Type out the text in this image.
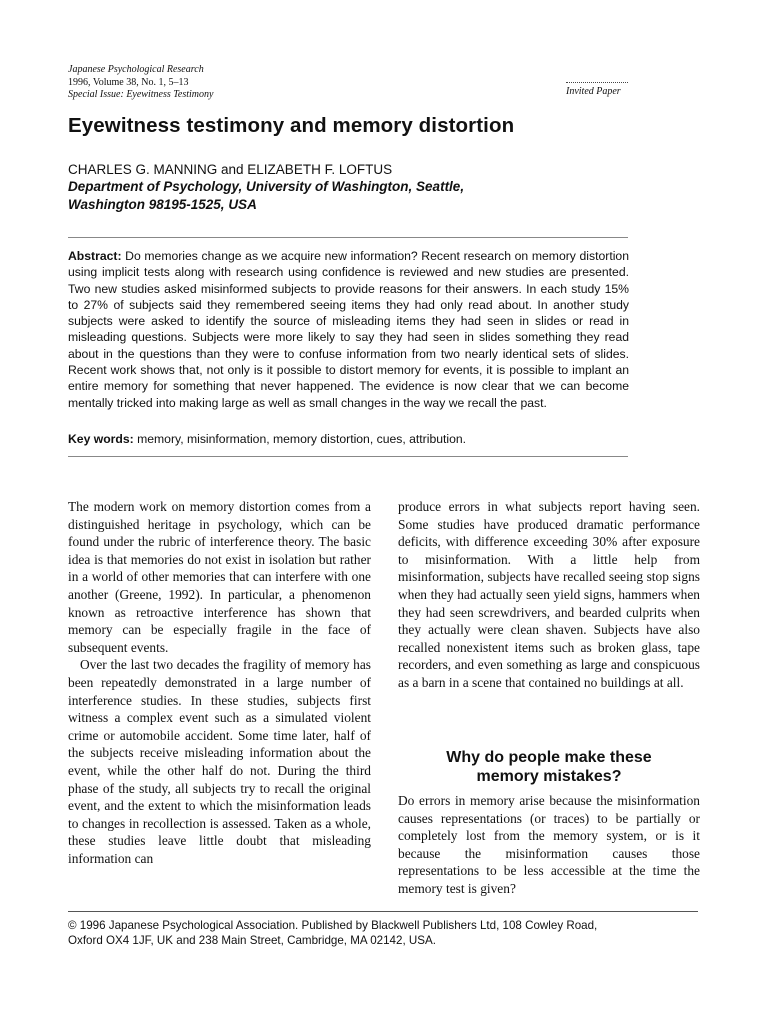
Japanese Psychological Research
1996, Volume 38, No. 1, 5–13
Special Issue: Eyewitness Testimony	Invited Paper
Eyewitness testimony and memory distortion
CHARLES G. MANNING and ELIZABETH F. LOFTUS
Department of Psychology, University of Washington, Seattle,
Washington 98195-1525, USA
Abstract: Do memories change as we acquire new information? Recent research on memory distortion using implicit tests along with research using confidence is reviewed and new studies are presented. Two new studies asked misinformed subjects to provide reasons for their answers. In each study 15% to 27% of subjects said they remembered seeing items they had only read about. In another study subjects were asked to identify the source of misleading items they had seen in slides or read in misleading questions. Subjects were more likely to say they had seen in slides something they read about in the questions than they were to confuse information from two nearly identical sets of slides. Recent work shows that, not only is it possible to distort memory for events, it is possible to implant an entire memory for something that never happened. The evidence is now clear that we can become mentally tricked into making large as well as small changes in the way we recall the past.
Key words: memory, misinformation, memory distortion, cues, attribution.

The modern work on memory distortion comes from a distinguished heritage in psychology, which can be found under the rubric of interference theory. The basic idea is that memories do not exist in isolation but rather in a world of other memories that can interfere with one another (Greene, 1992). In particular, a phenomenon known as retroactive interference has shown that memory can be especially fragile in the face of subsequent events.

Over the last two decades the fragility of memory has been repeatedly demonstrated in a large number of interference studies. In these studies, subjects first witness a complex event such as a simulated violent crime or automobile accident. Some time later, half of the subjects receive misleading information about the event, while the other half do not. During the third phase of the study, all subjects try to recall the original event, and the extent to which the misinformation leads to changes in recollection is assessed. Taken as a whole, these studies leave little doubt that misleading information can

produce errors in what subjects report having seen. Some studies have produced dramatic performance deficits, with difference exceeding 30% after exposure to misinformation. With a little help from misinformation, subjects have recalled seeing stop signs when they had actually seen yield signs, hammers when they had seen screwdrivers, and bearded culprits when they actually were clean shaven. Subjects have also recalled nonexistent items such as broken glass, tape recorders, and even something as large and conspicuous as a barn in a scene that contained no buildings at all.

Why do people make these
memory mistakes?

Do errors in memory arise because the misinformation causes representations (or traces) to be partially or completely lost from the memory system, or is it because the misinformation causes those representations to be less accessible at the time the memory test is given?

© 1996 Japanese Psychological Association. Published by Blackwell Publishers Ltd, 108 Cowley Road,
Oxford OX4 1JF, UK and 238 Main Street, Cambridge, MA 02142, USA.
